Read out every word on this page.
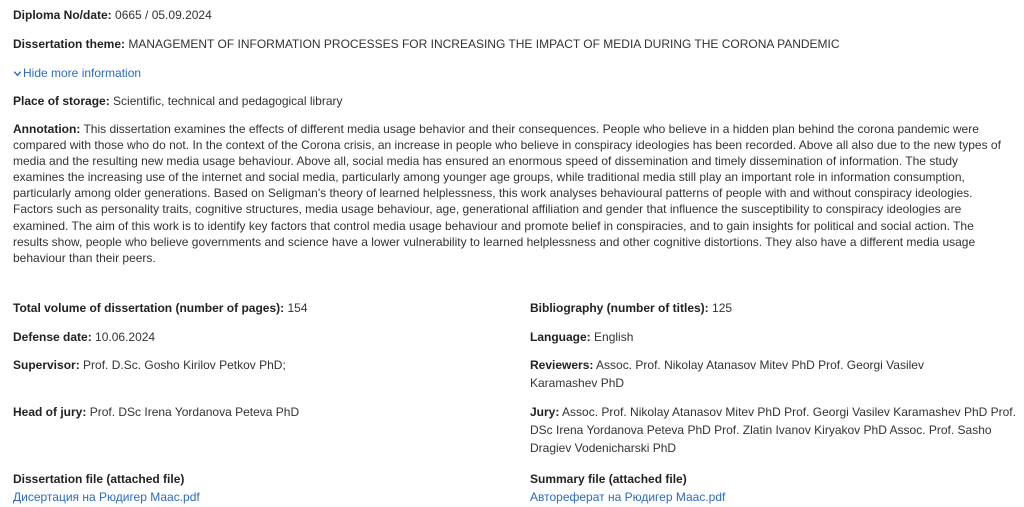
Diploma No/date: 0665 / 05.09.2024
Dissertation theme: MANAGEMENT OF INFORMATION PROCESSES FOR INCREASING THE IMPACT OF MEDIA DURING THE CORONA PANDEMIC
Hide more information
Place of storage: Scientific, technical and pedagogical library
Annotation: This dissertation examines the effects of different media usage behavior and their consequences. People who believe in a hidden plan behind the corona pandemic were compared with those who do not. In the context of the Corona crisis, an increase in people who believe in conspiracy ideologies has been recorded. Above all also due to the new types of media and the resulting new media usage behaviour. Above all, social media has ensured an enormous speed of dissemination and timely dissemination of information. The study examines the increasing use of the internet and social media, particularly among younger age groups, while traditional media still play an important role in information consumption, particularly among older generations. Based on Seligman's theory of learned helplessness, this work analyses behavioural patterns of people with and without conspiracy ideologies. Factors such as personality traits, cognitive structures, media usage behaviour, age, generational affiliation and gender that influence the susceptibility to conspiracy ideologies are examined. The aim of this work is to identify key factors that control media usage behaviour and promote belief in conspiracies, and to gain insights for political and social action. The results show, people who believe governments and science have a lower vulnerability to learned helplessness and other cognitive distortions. They also have a different media usage behaviour than their peers.
Total volume of dissertation (number of pages): 154
Defense date: 10.06.2024
Supervisor: Prof. D.Sc. Gosho Kirilov Petkov PhD;
Head of jury: Prof. DSc Irena Yordanova Peteva PhD
Dissertation file (attached file)
Дисертация на Рюдигер Маас.pdf
Bibliography (number of titles): 125
Language: English
Reviewers: Assoc. Prof. Nikolay Atanasov Mitev PhD Prof. Georgi Vasilev Karamashev PhD
Jury: Assoc. Prof. Nikolay Atanasov Mitev PhD Prof. Georgi Vasilev Karamashev PhD Prof. DSc Irena Yordanova Peteva PhD Prof. Zlatin Ivanov Kiryakov PhD Assoc. Prof. Sasho Dragiev Vodenicharski PhD
Summary file (attached file)
Автореферат на Рюдигер Маас.pdf
